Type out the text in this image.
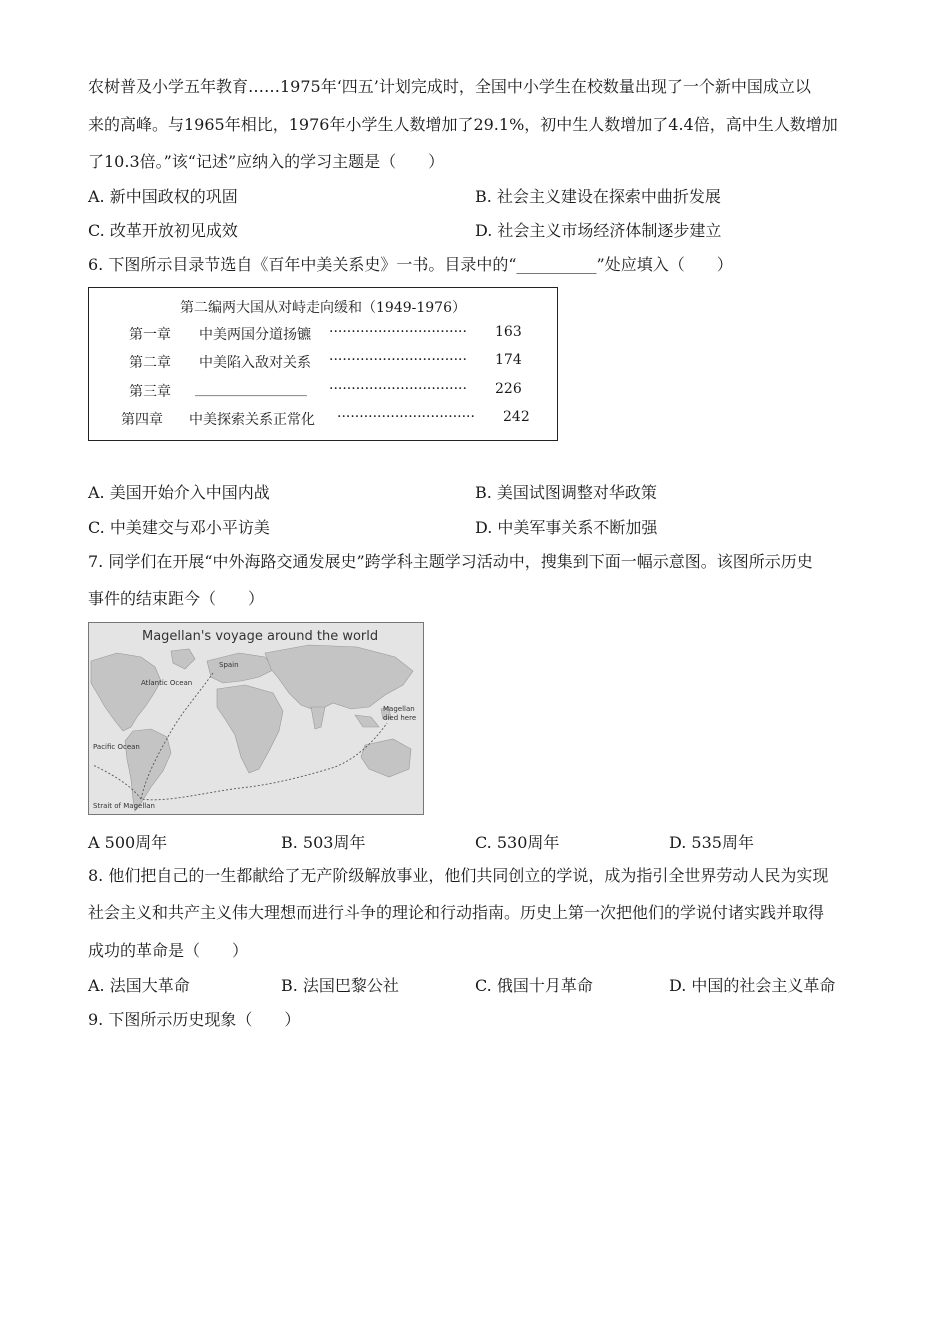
农树普及小学五年教育……1975年‘四五’计划完成时，全国中小学生在校数量出现了一个新中国成立以
来的高峰。与1965年相比，1976年小学生人数增加了29.1%，初中生人数增加了4.4倍，高中生人数增加
了10.3倍。”该“记述”应纳入的学习主题是（　　）
A. 新中国政权的巩固	B. 社会主义建设在探索中曲折发展
C. 改革开放初见成效	D. 社会主义市场经济体制逐步建立
6. 下图所示目录节选自《百年中美关系史》一书。目录中的“__________”处应填入（　　）
第二编两大国从对峙走向缓和（1949-1976）
第一章 中美两国分道扬镳 ······························· 163
第二章 中美陷入敌对关系 ······························· 174
第三章 ________________ ······························· 226
第四章 中美探索关系正常化 ······························· 242
A. 美国开始介入中国内战	B. 美国试图调整对华政策
C. 中美建交与邓小平访美	D. 中美军事关系不断加强
7. 同学们在开展“中外海路交通发展史”跨学科主题学习活动中，搜集到下面一幅示意图。该图所示历史
事件的结束距今（　　）
Magellan's voyage around the world
Spain
Atlantic Ocean
Pacific Ocean
Magellan
died here
Strait of Magellan
A 500周年	B. 503周年	C. 530周年	D. 535周年
8. 他们把自己的一生都献给了无产阶级解放事业，他们共同创立的学说，成为指引全世界劳动人民为实现
社会主义和共产主义伟大理想而进行斗争的理论和行动指南。历史上第一次把他们的学说付诸实践并取得
成功的革命是（　　）
A. 法国大革命	B. 法国巴黎公社	C. 俄国十月革命	D. 中国的社会主义革命
9. 下图所示历史现象（　　）
